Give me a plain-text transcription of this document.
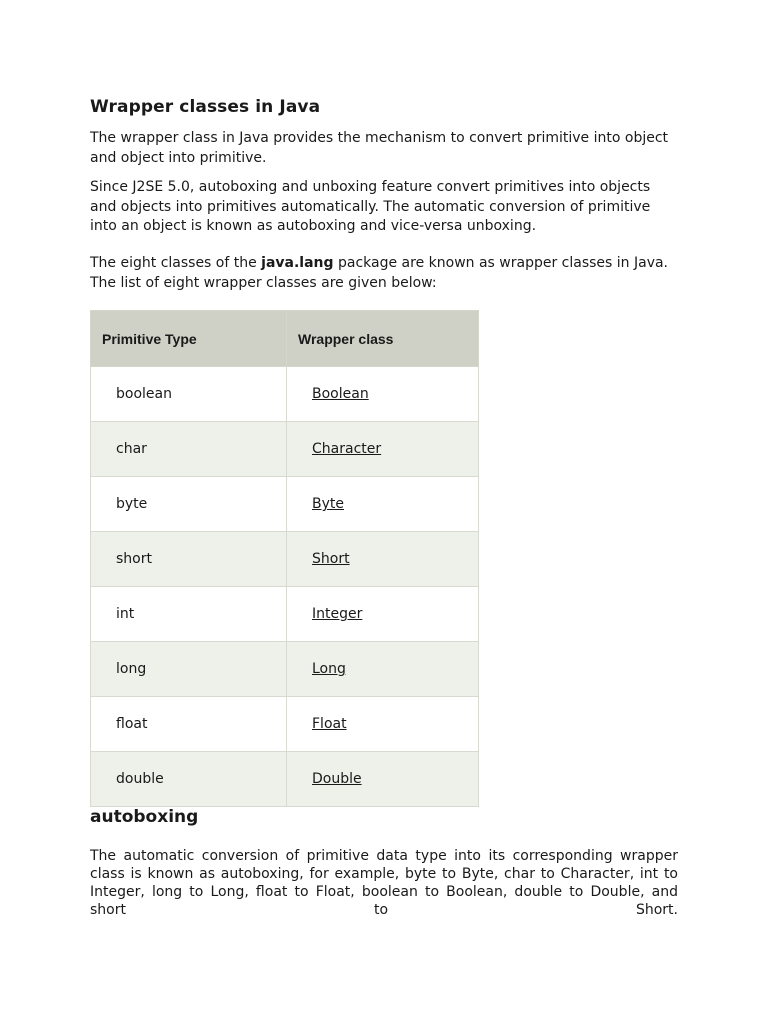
Wrapper classes in Java

The wrapper class in Java provides the mechanism to convert primitive into object and object into primitive.

Since J2SE 5.0, autoboxing and unboxing feature convert primitives into objects and objects into primitives automatically. The automatic conversion of primitive into an object is known as autoboxing and vice-versa unboxing.

The eight classes of the java.lang package are known as wrapper classes in Java. The list of eight wrapper classes are given below:

Primitive Type	Wrapper class
boolean	Boolean
char	Character
byte	Byte
short	Short
int	Integer
long	Long
float	Float
double	Double
autoboxing

The automatic conversion of primitive data type into its corresponding wrapper class is known as autoboxing, for example, byte to Byte, char to Character, int to Integer, long to Long, float to Float, boolean to Boolean, double to Double, and short to Short.
